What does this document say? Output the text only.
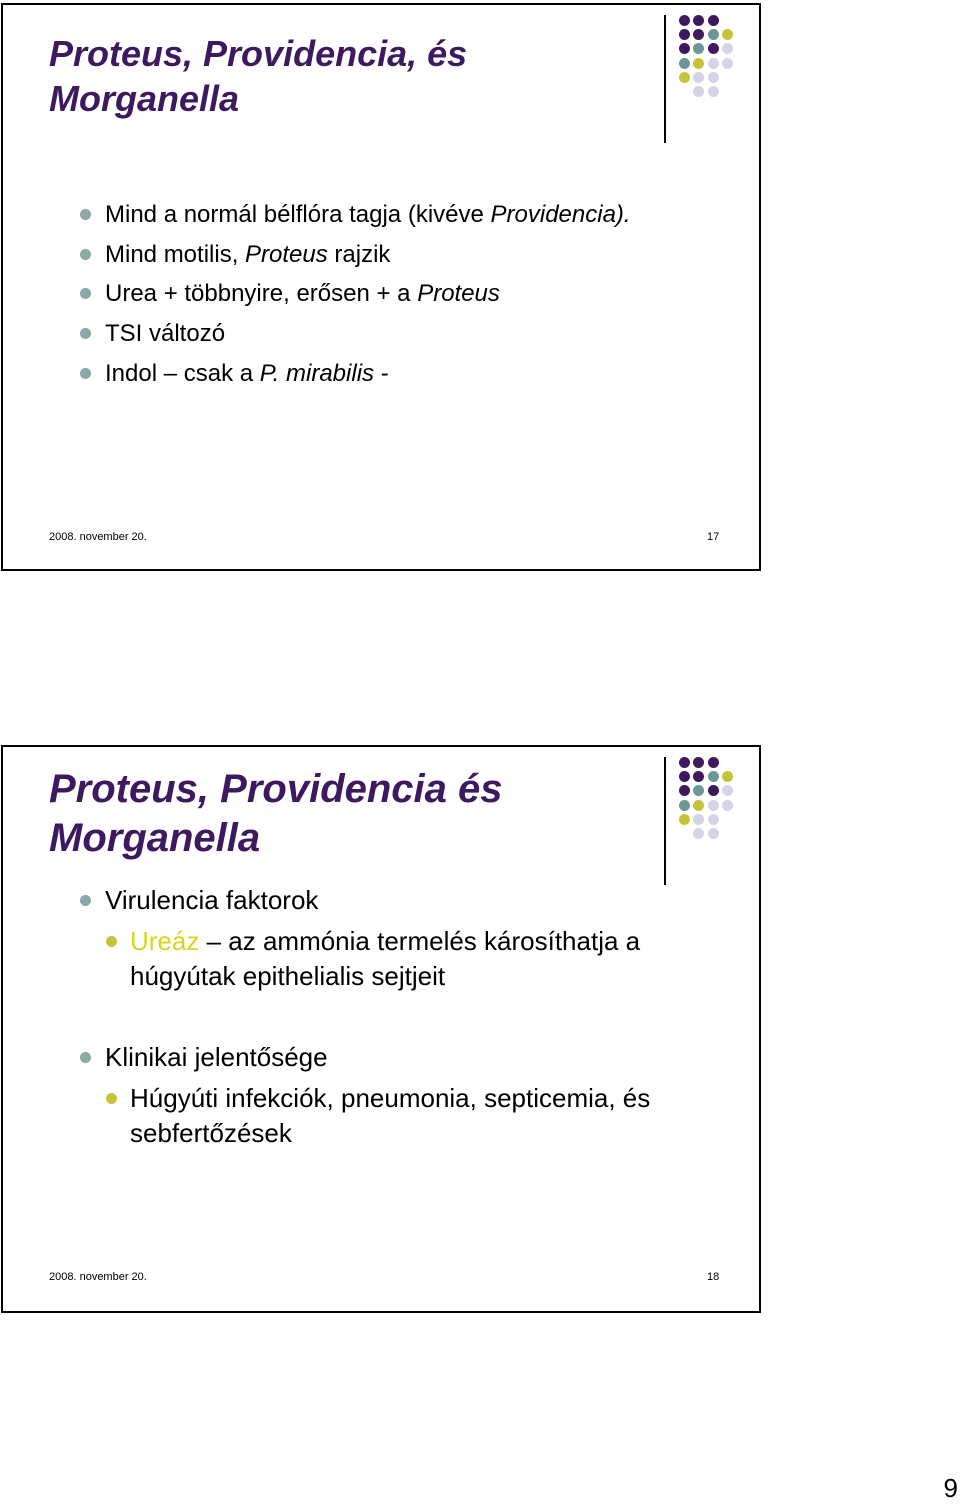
Proteus, Providencia, és
Morganella
Mind a normál bélflóra tagja (kivéve Providencia).
Mind motilis, Proteus rajzik
Urea + többnyire, erősen + a Proteus
TSI változó
Indol – csak a P. mirabilis -
2008. november 20.	17
Proteus, Providencia és
Morganella
Virulencia faktorok
Ureáz – az ammónia termelés károsíthatja a
húgyútak epithelialis sejtjeit
Klinikai jelentősége
Húgyúti infekciók, pneumonia, septicemia, és
sebfertőzések
2008. november 20.	18
9
